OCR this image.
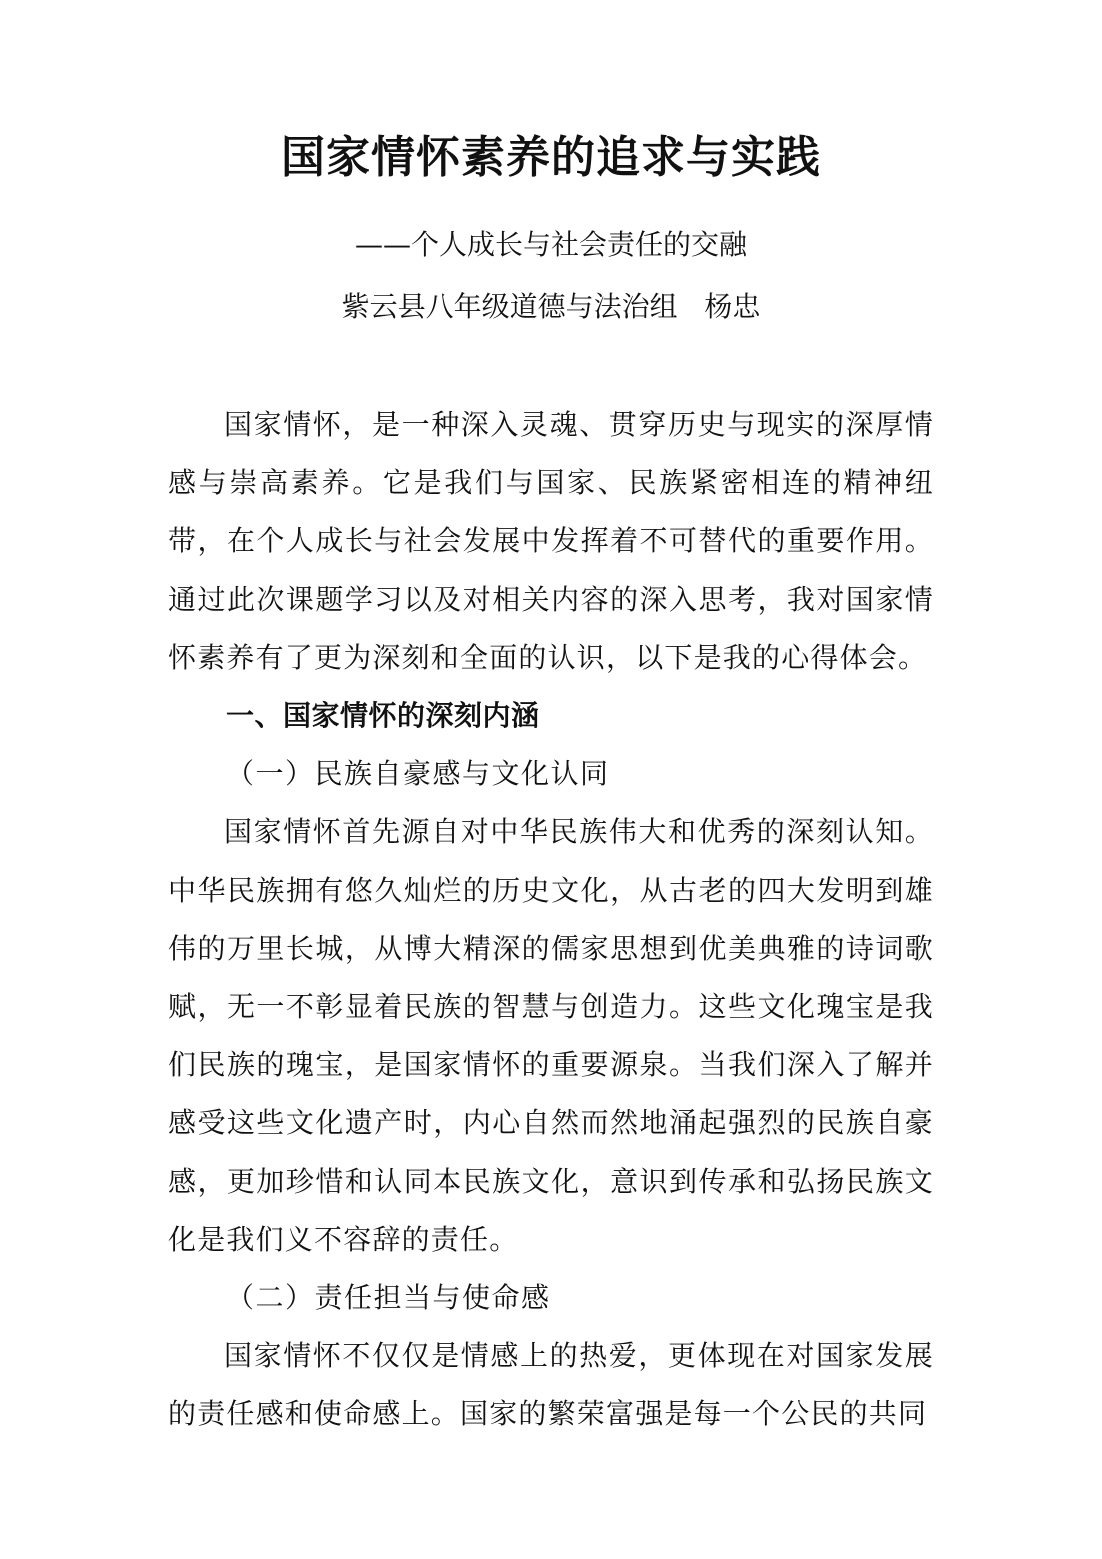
国家情怀素养的追求与实践
——个人成长与社会责任的交融
紫云县八年级道德与法治组   杨忠

国家情怀，是一种深入灵魂、贯穿历史与现实的深厚情感与崇高素养。它是我们与国家、民族紧密相连的精神纽带，在个人成长与社会发展中发挥着不可替代的重要作用。通过此次课题学习以及对相关内容的深入思考，我对国家情怀素养有了更为深刻和全面的认识，以下是我的心得体会。

一、国家情怀的深刻内涵

（一）民族自豪感与文化认同

国家情怀首先源自对中华民族伟大和优秀的深刻认知。中华民族拥有悠久灿烂的历史文化，从古老的四大发明到雄伟的万里长城，从博大精深的儒家思想到优美典雅的诗词歌赋，无一不彰显着民族的智慧与创造力。这些文化瑰宝是我们民族的瑰宝，是国家情怀的重要源泉。当我们深入了解并感受这些文化遗产时，内心自然而然地涌起强烈的民族自豪感，更加珍惜和认同本民族文化，意识到传承和弘扬民族文化是我们义不容辞的责任。

（二）责任担当与使命感

国家情怀不仅仅是情感上的热爱，更体现在对国家发展的责任感和使命感上。国家的繁荣富强是每一个公民的共同
